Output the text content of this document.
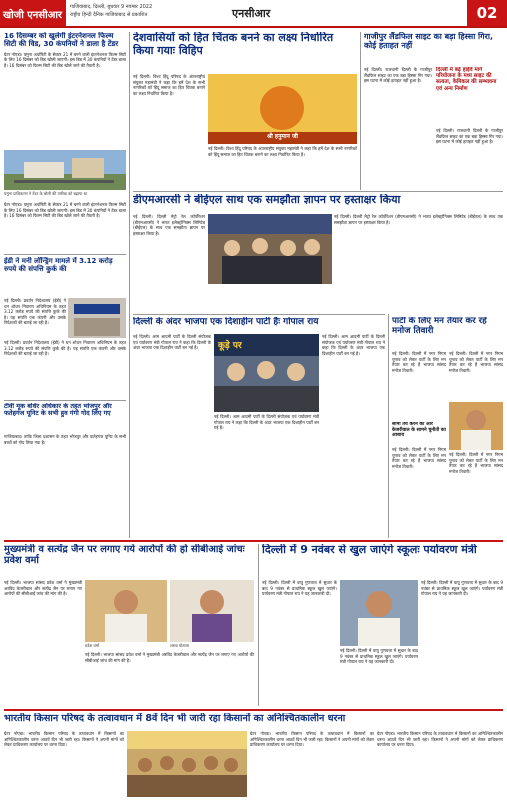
खोजी एनसीआर
गाजियाबाद, दिल्ली, बुधवार 9 नवम्बर 2022
राष्ट्रीय हिन्दी दैनिक गाजियाबाद से प्रकाशित	एनसीआर	02
16 दिसम्बर को खुलेगी इंटरनेशनल फिल्म सिटी की विड, 30 कंपनियों ने डाला है टेंडर
ग्रेटर नोएडा। यमुना अथॉरिटी के सेक्टर 21 में बनने वाली इंटरनेशनल फिल्म सिटी के लिए 16 दिसंबर को बिड खोली जाएगी। इस बिड में 30 कंपनियों ने टेंडर डाला है। 16 दिसंबर को फिल्म सिटी की बिड खोले जाने की तैयारी है।
यमुना प्राधिकरण ने टेंडर के बोली की तारीख को बढ़ाया था
ग्रेटर नोएडा। यमुना अथॉरिटी के सेक्टर 21 में बनने वाली इंटरनेशनल फिल्म सिटी के लिए 16 दिसंबर को बिड खोली जाएगी। इस बिड में 30 कंपनियों ने टेंडर डाला है। 16 दिसंबर को फिल्म सिटी की बिड खोले जाने की तैयारी है।
ईडी ने मनी लॉन्ड्रिंग मामले में 3.12 करोड़ रुपये की संपत्ति कुर्क की
नई दिल्ली। प्रवर्तन निदेशालय (ईडी) ने धन शोधन निवारण अधिनियम के तहत 3.12 करोड़ रुपये की संपत्ति कुर्क की है। यह संपत्ति एक कंपनी और उसके निदेशकों की बताई जा रही है।
नई दिल्ली। प्रवर्तन निदेशालय (ईडी) ने धन शोधन निवारण अधिनियम के तहत 3.12 करोड़ रुपये की संपत्ति कुर्क की है। यह संपत्ति एक कंपनी और उसके निदेशकों की बताई जा रही है।
टीवी मूक बधिर अधिकार के तहत भोजपुर और फतेहगंज यूनिट के सभी हुव गंगी गोद लिए गए
गाजियाबाद। ताकि जिला प्रशासन के तहत भोजपुर और फतेहगंज यूनिट के सभी बच्चों को गोद लिया गया है।
देशवासियों को हित चिंतक बनने का लक्ष्य निर्धारित किया गयाः विहिप
नई दिल्ली। विश्व हिंदू परिषद के अंतरराष्ट्रीय संयुक्त महामंत्री ने कहा कि हमें देश के सभी नागरिकों को हिंदू समाज का हित चिंतक बनाने का लक्ष्य निर्धारित किया है।
श्री हनुमान जी
नई दिल्ली। विश्व हिंदू परिषद के अंतरराष्ट्रीय संयुक्त महामंत्री ने कहा कि हमें देश के सभी नागरिकों को हिंदू समाज का हित चिंतक बनाने का लक्ष्य निर्धारित किया है।
गाजीपुर लैंडफिल साइट का बड़ा हिस्सा गिरा, कोई हताहत नहीं
नई दिल्ली। राजधानी दिल्ली के गाजीपुर लैंडफिल साइट का एक बड़ा हिस्सा गिर गया। इस घटना में कोई हताहत नहीं हुआ है।
दिल्ली में बढ़े हाईवे मार्ग परियोजना के मध्य साइट की सत्यता, केमिकल की सम्भावना एवं अन्य निर्माण
नई दिल्ली। राजधानी दिल्ली के गाजीपुर लैंडफिल साइट का एक बड़ा हिस्सा गिर गया। इस घटना में कोई हताहत नहीं हुआ है।
डीएमआरसी ने बीईएल साथ एक समझौता ज्ञापन पर हस्ताक्षर किया
नई दिल्ली। दिल्ली मेट्रो रेल कॉर्पोरेशन (डीएमआरसी) ने भारत इलेक्ट्रॉनिक्स लिमिटेड (बीईएल) के साथ एक समझौता ज्ञापन पर हस्ताक्षर किया है।
नई दिल्ली। दिल्ली मेट्रो रेल कॉर्पोरेशन (डीएमआरसी) ने भारत इलेक्ट्रॉनिक्स लिमिटेड (बीईएल) के साथ एक समझौता ज्ञापन पर हस्ताक्षर किया है।
दिल्ली के अंदर भाजपा एक दिशाहीन पार्टी हैः गोपाल राय
नई दिल्ली। आम आदमी पार्टी के दिल्ली संयोजक एवं पर्यावरण मंत्री गोपाल राय ने कहा कि दिल्ली के अंदर भाजपा एक दिशाहीन पार्टी बन गई है।	कूड़े पर
नई दिल्ली। आम आदमी पार्टी के दिल्ली संयोजक एवं पर्यावरण मंत्री गोपाल राय ने कहा कि दिल्ली के अंदर भाजपा एक दिशाहीन पार्टी बन गई है।
नई दिल्ली। आम आदमी पार्टी के दिल्ली संयोजक एवं पर्यावरण मंत्री गोपाल राय ने कहा कि दिल्ली के अंदर भाजपा एक दिशाहीन पार्टी बन गई है।
पार्टी के लिए मन तैयार कर रहे मनोज तिवारी
नई दिल्ली। दिल्ली में नगर निगम चुनाव को लेकर पार्टी के लिए मन तैयार कर रहे हैं भाजपा सांसद मनोज तिवारी।
सीमा तय करने की ओर केजरीवाल के सामने चुनौती का आशाय
नई दिल्ली। दिल्ली में नगर निगम चुनाव को लेकर पार्टी के लिए मन तैयार कर रहे हैं भाजपा सांसद मनोज तिवारी।
नई दिल्ली। दिल्ली में नगर निगम चुनाव को लेकर पार्टी के लिए मन तैयार कर रहे हैं भाजपा सांसद मनोज तिवारी।
नई दिल्ली। दिल्ली में नगर निगम चुनाव को लेकर पार्टी के लिए मन तैयार कर रहे हैं भाजपा सांसद मनोज तिवारी।
मुख्यमंत्री व सत्येंद्र जैन पर लगाए गये आरोपों की हो सीबीआई जांचः प्रवेश वर्मा
नई दिल्ली। भाजपा सांसद प्रवेश वर्मा ने मुख्यमंत्री अरविंद केजरीवाल और सत्येंद्र जैन पर लगाए गए आरोपों की सीबीआई जांच की मांग की है।
प्रवेश वर्मा	शराब घोटाला
नई दिल्ली। भाजपा सांसद प्रवेश वर्मा ने मुख्यमंत्री अरविंद केजरीवाल और सत्येंद्र जैन पर लगाए गए आरोपों की सीबीआई जांच की मांग की है।
दिल्ली में 9 नवंबर से खुल जाएंगे स्कूलः पर्यावरण मंत्री
नई दिल्ली। दिल्ली में वायु गुणवत्ता में सुधार के बाद 9 नवंबर से प्राथमिक स्कूल खुल जाएंगे। पर्यावरण मंत्री गोपाल राय ने यह जानकारी दी।
नई दिल्ली। दिल्ली में वायु गुणवत्ता में सुधार के बाद 9 नवंबर से प्राथमिक स्कूल खुल जाएंगे। पर्यावरण मंत्री गोपाल राय ने यह जानकारी दी।
नई दिल्ली। दिल्ली में वायु गुणवत्ता में सुधार के बाद 9 नवंबर से प्राथमिक स्कूल खुल जाएंगे। पर्यावरण मंत्री गोपाल राय ने यह जानकारी दी।
भारतीय किसान परिषद के तत्वावधान में 8वें दिन भी जारी रहा किसानों का अनिश्चितकालीन धरना
ग्रेटर नोएडा। भारतीय किसान परिषद के तत्वावधान में किसानों का अनिश्चितकालीन धरना आठवें दिन भी जारी रहा। किसानों ने अपनी मांगों को लेकर प्राधिकरण कार्यालय पर धरना दिया।
ग्रेटर नोएडा। भारतीय किसान परिषद के तत्वावधान में किसानों का अनिश्चितकालीन धरना आठवें दिन भी जारी रहा। किसानों ने अपनी मांगों को लेकर प्राधिकरण कार्यालय पर धरना दिया।
ग्रेटर नोएडा। भारतीय किसान परिषद के तत्वावधान में किसानों का अनिश्चितकालीन धरना आठवें दिन भी जारी रहा। किसानों ने अपनी मांगों को लेकर प्राधिकरण कार्यालय पर धरना दिया।
